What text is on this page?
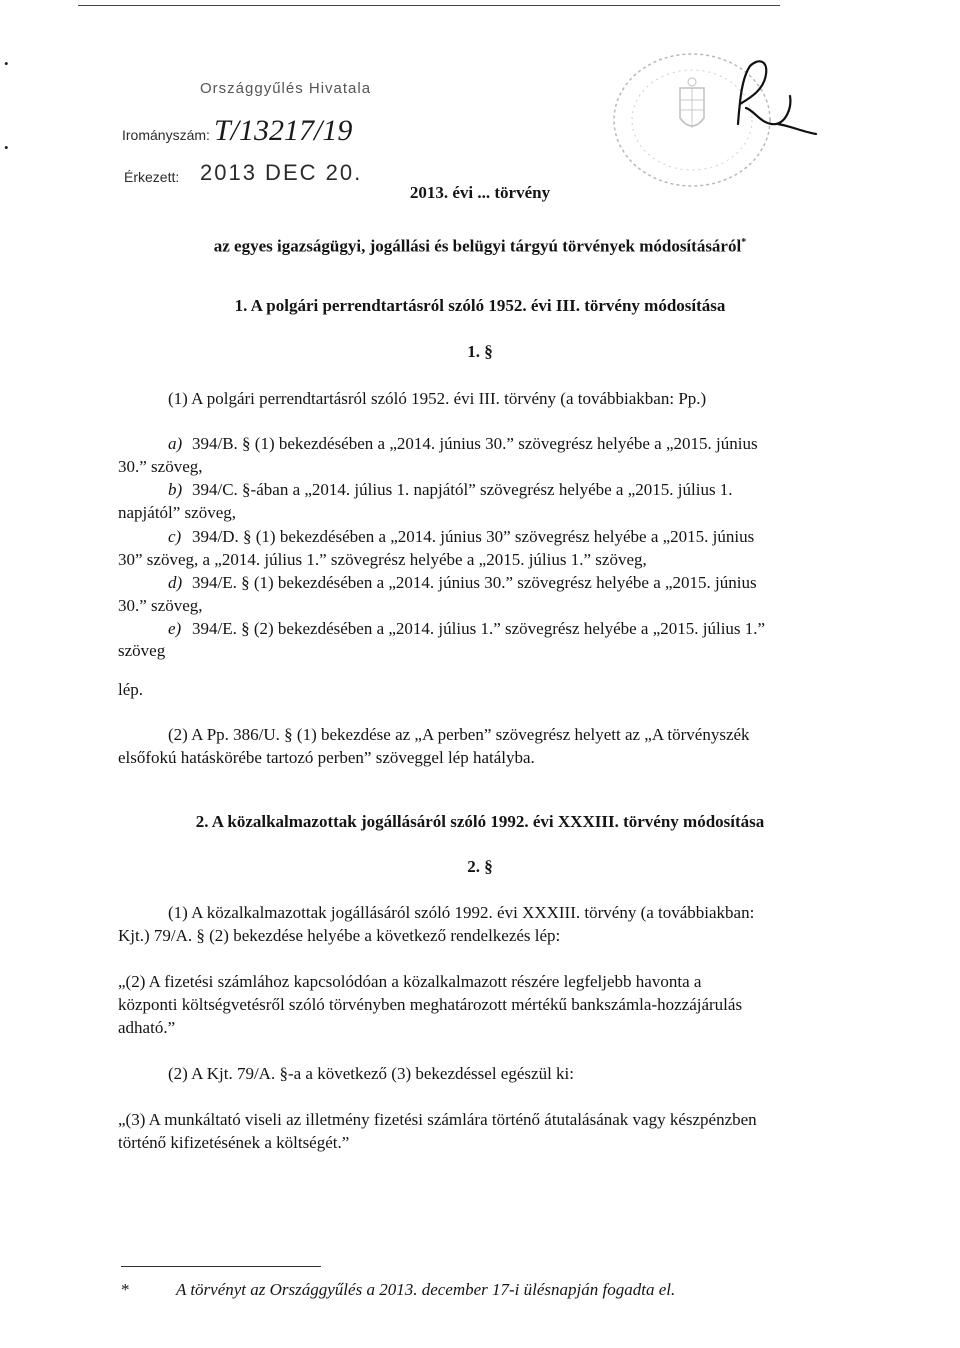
•
•
Országgyűlés Hivatala
Irományszám: T/13217/19
Érkezett: 2013 DEC 20.
2013. évi ... törvény
az egyes igazságügyi, jogállási és belügyi tárgyú törvények módosításáról*
1. A polgári perrendtartásról szóló 1952. évi III. törvény módosítása
1. §
(1) A polgári perrendtartásról szóló 1952. évi III. törvény (a továbbiakban: Pp.)
a) 394/B. § (1) bekezdésében a „2014. június 30.” szövegrész helyébe a „2015. június
30.” szöveg,
b) 394/C. §-ában a „2014. július 1. napjától” szövegrész helyébe a „2015. július 1.
napjától” szöveg,
c) 394/D. § (1) bekezdésében a „2014. június 30” szövegrész helyébe a „2015. június
30” szöveg, a „2014. július 1.” szövegrész helyébe a „2015. július 1.” szöveg,
d) 394/E. § (1) bekezdésében a „2014. június 30.” szövegrész helyébe a „2015. június
30.” szöveg,
e) 394/E. § (2) bekezdésében a „2014. július 1.” szövegrész helyébe a „2015. július 1.”
szöveg
lép.
(2) A Pp. 386/U. § (1) bekezdése az „A perben” szövegrész helyett az „A törvényszék
elsőfokú hatáskörébe tartozó perben” szöveggel lép hatályba.
2. A közalkalmazottak jogállásáról szóló 1992. évi XXXIII. törvény módosítása
2. §
(1) A közalkalmazottak jogállásáról szóló 1992. évi XXXIII. törvény (a továbbiakban:
Kjt.) 79/A. § (2) bekezdése helyébe a következő rendelkezés lép:
„(2) A fizetési számlához kapcsolódóan a közalkalmazott részére legfeljebb havonta a
központi költségvetésről szóló törvényben meghatározott mértékű bankszámla-hozzájárulás
adható.”
(2) A Kjt. 79/A. §-a a következő (3) bekezdéssel egészül ki:
„(3) A munkáltató viseli az illetmény fizetési számlára történő átutalásának vagy készpénzben
történő kifizetésének a költségét.”
*	A törvényt az Országgyűlés a 2013. december 17-i ülésnapján fogadta el.
